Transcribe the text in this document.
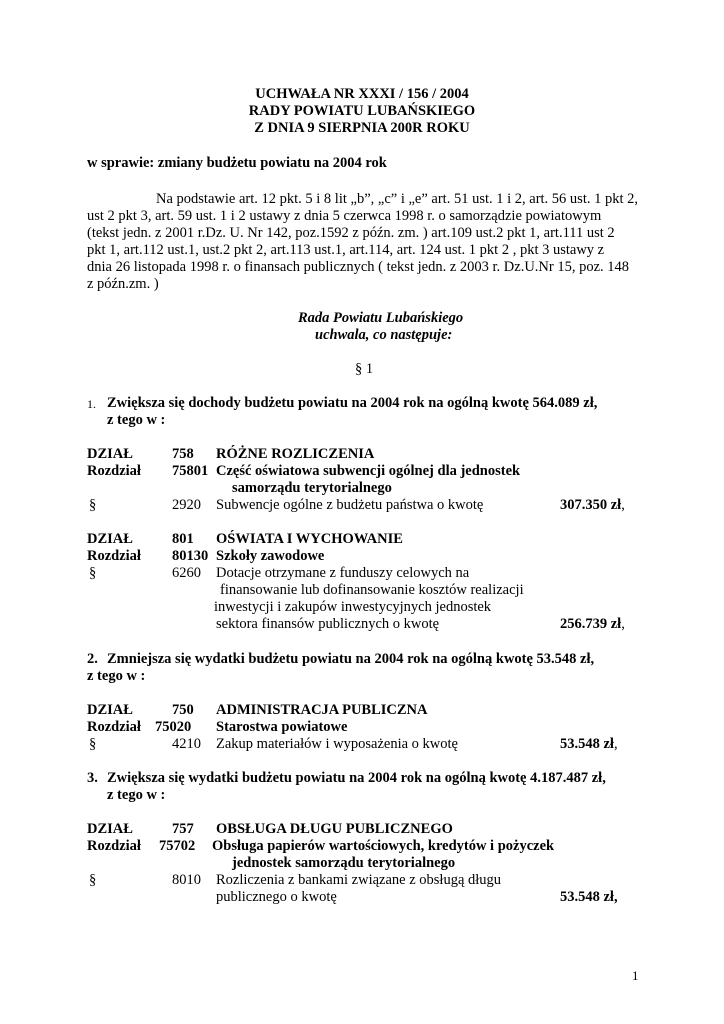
UCHWAŁA NR XXXI / 156 / 2004
RADY POWIATU LUBAŃSKIEGO
Z DNIA 9 SIERPNIA 200R ROKU
w sprawie: zmiany budżetu powiatu na 2004 rok
Na podstawie art. 12 pkt. 5 i 8 lit „b”, „c” i „e” art. 51 ust. 1 i 2, art. 56 ust. 1 pkt 2,
ust 2 pkt 3, art. 59 ust. 1 i 2 ustawy z dnia 5 czerwca 1998 r. o samorządzie powiatowym
(tekst jedn. z 2001 r.Dz. U. Nr 142, poz.1592 z późn. zm. ) art.109 ust.2 pkt 1, art.111 ust 2
pkt 1, art.112 ust.1, ust.2 pkt 2, art.113 ust.1, art.114, art. 124 ust. 1 pkt 2 , pkt 3 ustawy z
dnia 26 listopada 1998 r. o finansach publicznych ( tekst jedn. z 2003 r. Dz.U.Nr 15, poz. 148
z późn.zm. )
Rada Powiatu Lubańskiego
uchwala, co następuje:
§ 1
1. Zwiększa się dochody budżetu powiatu na 2004 rok na ogólną kwotę 564.089 zł,
z tego w :
DZIAŁ	758 RÓŻNE ROZLICZENIA
Rozdział 75801 Część oświatowa subwencji ogólnej dla jednostek
samorządu terytorialnego
§	2920 Subwencje ogólne z budżetu państwa o kwotę	307.350 zł,
DZIAŁ	801 OŚWIATA I WYCHOWANIE
Rozdział 80130 Szkoły zawodowe
§	6260 Dotacje otrzymane z funduszy celowych na
finansowanie lub dofinansowanie kosztów realizacji
inwestycji i zakupów inwestycyjnych jednostek
sektora finansów publicznych o kwotę	256.739 zł,
2. Zmniejsza się wydatki budżetu powiatu na 2004 rok na ogólną kwotę 53.548 zł,
z tego w :
DZIAŁ	750 ADMINISTRACJA PUBLICZNA
Rozdział 75020 Starostwa powiatowe
§	4210 Zakup materiałów i wyposażenia o kwotę	53.548 zł,
3. Zwiększa się wydatki budżetu powiatu na 2004 rok na ogólną kwotę 4.187.487 zł,
z tego w :
DZIAŁ	757 OBSŁUGA DŁUGU PUBLICZNEGO
Rozdział 75702 Obsługa papierów wartościowych, kredytów i pożyczek
jednostek samorządu terytorialnego
§	8010 Rozliczenia z bankami związane z obsługą długu
publicznego o kwotę	53.548 zł,
1
